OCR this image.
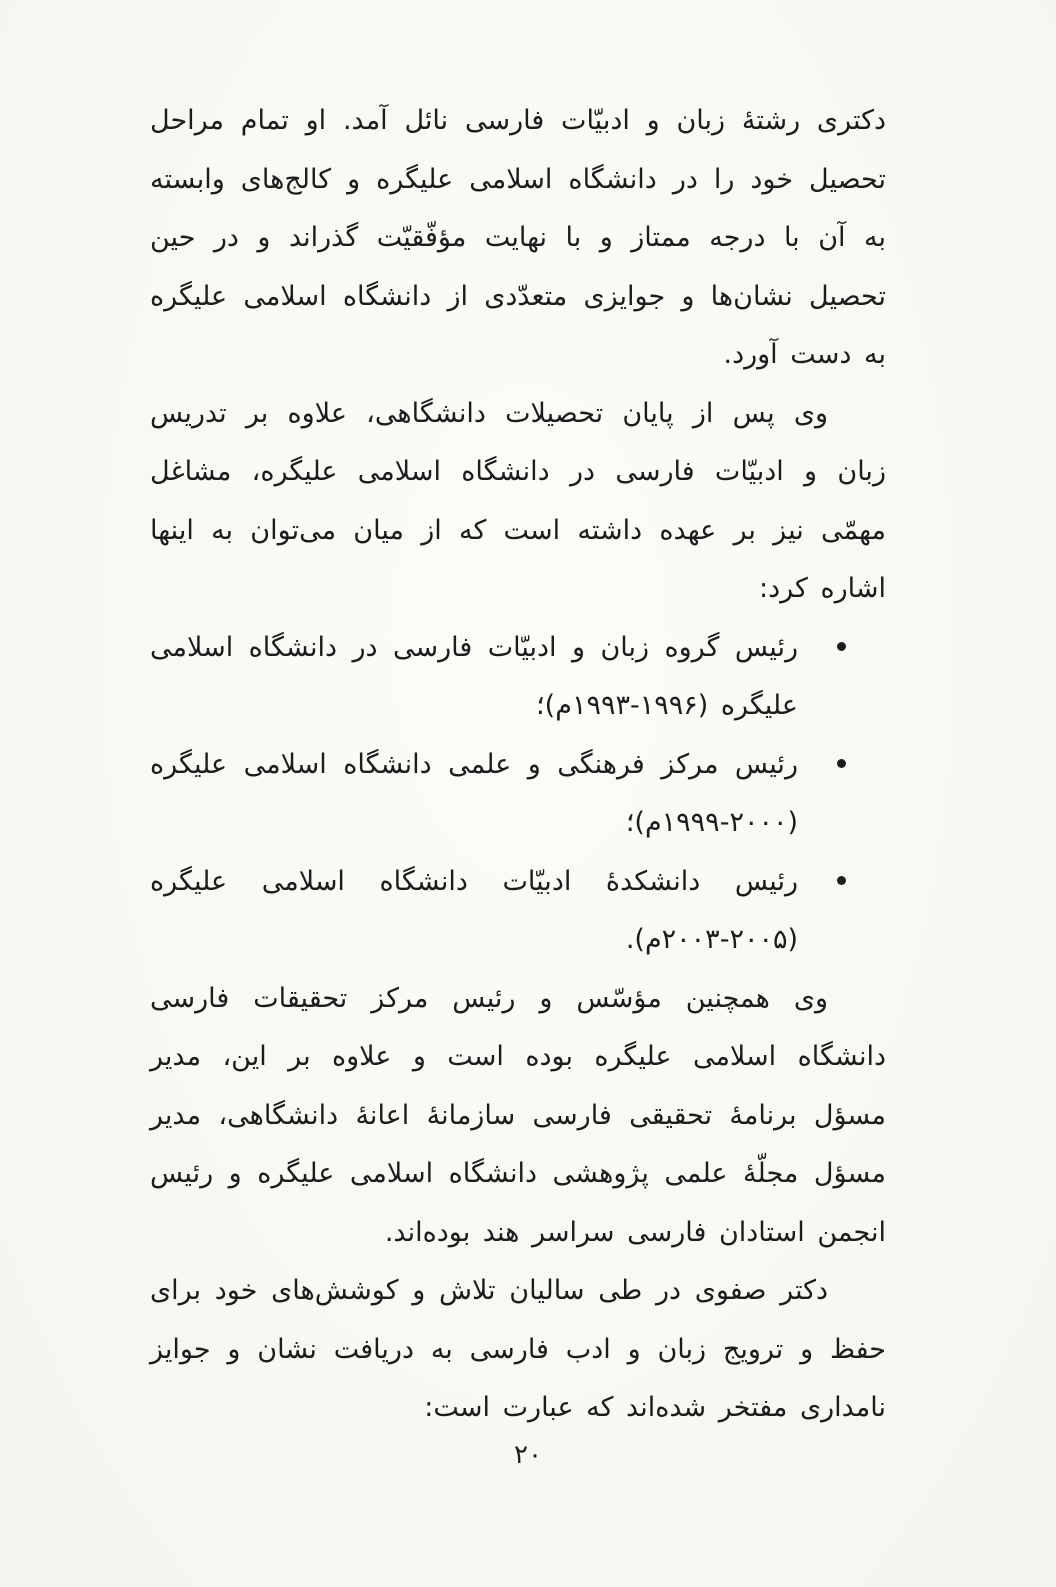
دکتری رشتهٔ زبان و ادبیّات فارسی نائل آمد. او تمام مراحل تحصیل خود را در دانشگاه اسلامی علیگره و کالج‌های وابسته به آن با درجه ممتاز و با نهایت مؤفّقیّت گذراند و در حین تحصیل نشان‌ها و جوایزی متعدّدی از دانشگاه اسلامی علیگره به دست آورد.

وی پس از پایان تحصیلات دانشگاهی، علاوه بر تدریس زبان و ادبیّات فارسی در دانشگاه اسلامی علیگره، مشاغل مهمّی نیز بر عهده داشته است که از میان می‌توان به اینها اشاره کرد:

رئیس گروه زبان و ادبیّات فارسی در دانشگاه اسلامی علیگره (۱۹۹۶-۱۹۹۳م)؛
رئیس مرکز فرهنگی و علمی دانشگاه اسلامی علیگره (۲۰۰۰-۱۹۹۹م)؛
رئیس دانشکدهٔ ادبیّات دانشگاه اسلامی علیگره (۲۰۰۵-۲۰۰۳م).

وی همچنین مؤسّس و رئیس مرکز تحقیقات فارسی دانشگاه اسلامی علیگره بوده است و علاوه بر این، مدیر مسؤل برنامهٔ تحقیقی فارسی سازمانهٔ اعانهٔ دانشگاهی، مدیر مسؤل مجلّهٔ علمی پژوهشی دانشگاه اسلامی علیگره و رئیس انجمن استادان فارسی سراسر هند بوده‌اند.

دکتر صفوی در طی سالیان تلاش و کوشش‌های خود برای حفظ و ترویج زبان و ادب فارسی به دریافت نشان و جوایز نامداری مفتخر شده‌اند که عبارت است:

۲۰
